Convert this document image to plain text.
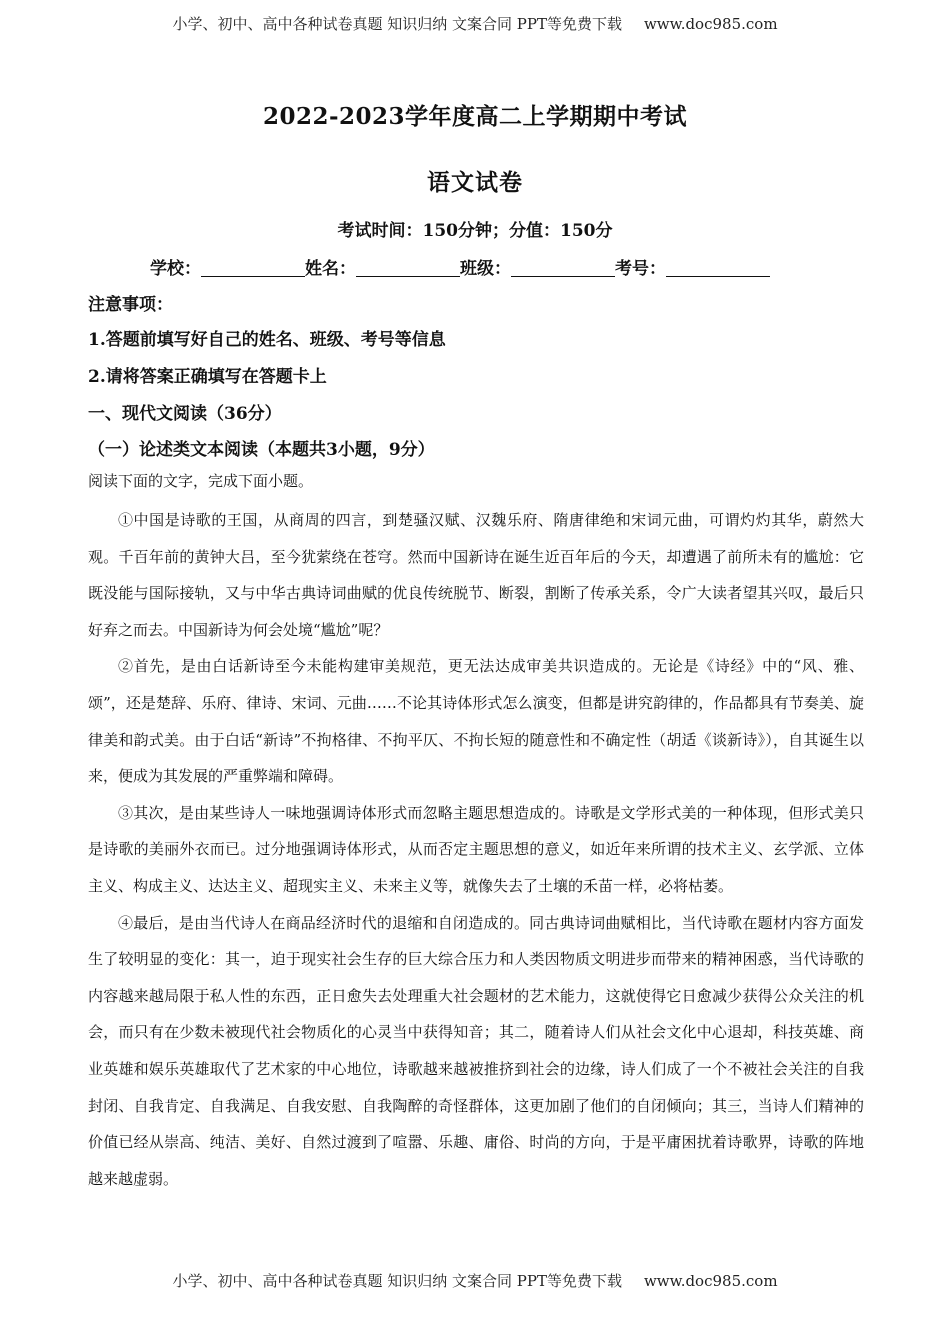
小学、初中、高中各种试卷真题 知识归纳 文案合同 PPT等免费下载 www.doc985.com
2022-2023学年度高二上学期期中考试
语文试卷
考试时间：150分钟；分值：150分
学校：	姓名：	班级：	考号：
注意事项：
1.答题前填写好自己的姓名、班级、考号等信息
2.请将答案正确填写在答题卡上
一、现代文阅读（36分）
（一）论述类文本阅读（本题共3小题，9分）
阅读下面的文字，完成下面小题。

①中国是诗歌的王国，从商周的四言，到楚骚汉赋、汉魏乐府、隋唐律绝和宋词元曲，可谓灼灼其华，蔚然大观。千百年前的黄钟大吕，至今犹萦绕在苍穹。然而中国新诗在诞生近百年后的今天，却遭遇了前所未有的尴尬：它既没能与国际接轨，又与中华古典诗词曲赋的优良传统脱节、断裂，割断了传承关系，令广大读者望其兴叹，最后只好弃之而去。中国新诗为何会处境“尴尬”呢？

②首先，是由白话新诗至今未能构建审美规范，更无法达成审美共识造成的。无论是《诗经》中的“风、雅、颂”，还是楚辞、乐府、律诗、宋词、元曲……不论其诗体形式怎么演变，但都是讲究韵律的，作品都具有节奏美、旋律美和韵式美。由于白话“新诗”不拘格律、不拘平仄、不拘长短的随意性和不确定性（胡适《谈新诗》），自其诞生以来，便成为其发展的严重弊端和障碍。

③其次，是由某些诗人一味地强调诗体形式而忽略主题思想造成的。诗歌是文学形式美的一种体现，但形式美只是诗歌的美丽外衣而已。过分地强调诗体形式，从而否定主题思想的意义，如近年来所谓的技术主义、玄学派、立体主义、构成主义、达达主义、超现实主义、未来主义等，就像失去了土壤的禾苗一样，必将枯萎。

④最后，是由当代诗人在商品经济时代的退缩和自闭造成的。同古典诗词曲赋相比，当代诗歌在题材内容方面发生了较明显的变化：其一，迫于现实社会生存的巨大综合压力和人类因物质文明进步而带来的精神困惑，当代诗歌的内容越来越局限于私人性的东西，正日愈失去处理重大社会题材的艺术能力，这就使得它日愈减少获得公众关注的机会，而只有在少数未被现代社会物质化的心灵当中获得知音；其二，随着诗人们从社会文化中心退却，科技英雄、商业英雄和娱乐英雄取代了艺术家的中心地位，诗歌越来越被推挤到社会的边缘，诗人们成了一个不被社会关注的自我封闭、自我肯定、自我满足、自我安慰、自我陶醉的奇怪群体，这更加剧了他们的自闭倾向；其三，当诗人们精神的价值已经从崇高、纯洁、美好、自然过渡到了喧嚣、乐趣、庸俗、时尚的方向，于是平庸困扰着诗歌界，诗歌的阵地越来越虚弱。

小学、初中、高中各种试卷真题 知识归纳 文案合同 PPT等免费下载 www.doc985.com
